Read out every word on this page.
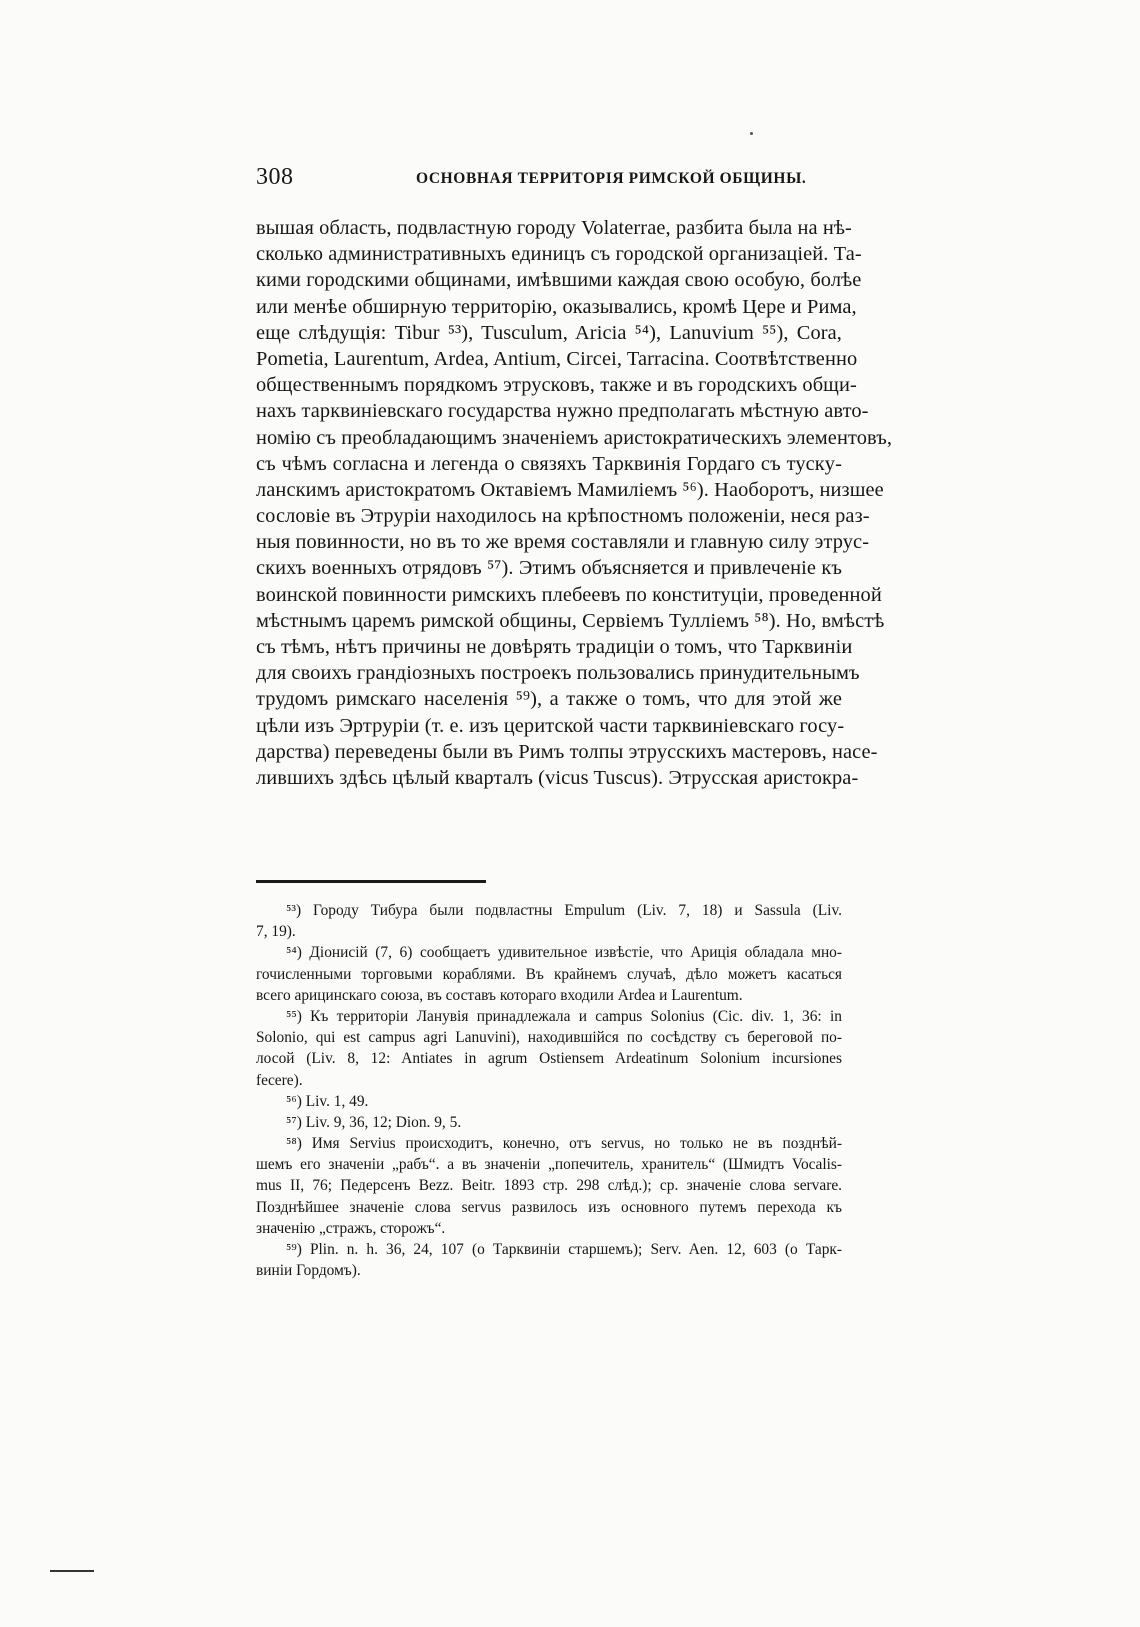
308	ОСНОВНАЯ ТЕРРИТОРІЯ РИМСКОЙ ОБЩИНЫ.
вышая область, подвластную городу Volaterrae, разбита была на нѣ-
сколько административныхъ единицъ съ городской организацiей. Та-
кими городскими общинами, имѣвшими каждая свою особую, болѣе
или менѣе обширную территорiю, оказывались, кромѣ Цере и Рима,
еще слѣдущiя: Tibur ⁵³), Tusculum, Aricia ⁵⁴), Lanuvium ⁵⁵), Cora,
Pometia, Laurentum, Ardea, Antium, Circei, Tarracina. Соотвѣтственно
общественнымъ порядкомъ этрусковъ, также и въ городскихъ общи-
нахъ тарквиніевскаго государства нужно предполагать мѣстную авто-
номію съ преобладающимъ значеніемъ аристократическихъ элементовъ,
съ чѣмъ согласна и легенда о связяхъ Тарквинія Гордаго съ тускy-
ланскимъ аристократомъ Октавiемъ Мамилiемъ ⁵⁶). Наоборотъ, низшее
сословіе въ Этруріи находилось на крѣпостномъ положенiи, неся раз-
ныя повинности, но въ то же время составляли и главную силу этрус-
скихъ военныхъ отрядовъ ⁵⁷). Этимъ объясняется и привлеченiе къ
воинской повинности римскихъ плебеевъ по конституцiи, проведенной
мѣстнымъ царемъ римской общины, Сервiемъ Туллiемъ ⁵⁸). Но, вмѣстѣ
съ тѣмъ, нѣтъ причины не довѣрять традицiи о томъ, что Тарквинiи
для своихъ грандiозныхъ построекъ пользовались принудительнымъ
трудомъ римскаго населенiя ⁵⁹), а также о томъ, что для этой же
цѣли изъ Эртрурiи (т. е. изъ церитской части тарквинiевскаго госу-
дарства) переведены были въ Римъ толпы этрусскихъ мастеровъ, насе-
лившихъ здѣсь цѣлый кварталъ (vicus Tuscus). Этрусская аристокра-
⁵³) Городу Тибура были подвластны Empulum (Liv. 7, 18) и Sassula (Liv.
7, 19).
⁵⁴) Дiонисiй (7, 6) сообщаетъ удивительное извѣстiе, что Арицiя обладала мно-
гочисленными торговыми кораблями. Въ крайнемъ случаѣ, дѣло можетъ касаться
всего арицинскаго союза, въ составъ котораго входили Ardea и Laurentum.
⁵⁵) Къ территорiи Ланувiя принадлежала и campus Solonius (Cic. div. 1, 36: in
Solonio, qui est campus agri Lanuvini), находившiйся по сосѣдству съ береговой по-
лосой (Liv. 8, 12: Antiates in agrum Ostiensem Ardeatinum Solonium incursiones
fecere).
⁵⁶) Liv. 1, 49.
⁵⁷) Liv. 9, 36, 12; Dion. 9, 5.
⁵⁸) Имя Servius происходитъ, конечно, отъ servus, но только не въ позднѣй-
шемъ его значенiи „рабъ“. а въ значенiи „попечитель, хранитель“ (Шмидтъ Vocalis-
mus II, 76; Педерсенъ Bezz. Beitr. 1893 стр. 298 слѣд.); ср. значенiе слова servare.
Позднѣйшее значенiе слова servus развилось изъ основного путемъ перехода къ
значенiю „стражъ, сторожъ“.
⁵⁹) Plin. n. h. 36, 24, 107 (о Тарквинiи старшемъ); Serv. Aen. 12, 603 (о Тарк-
виніи Гордомъ).
